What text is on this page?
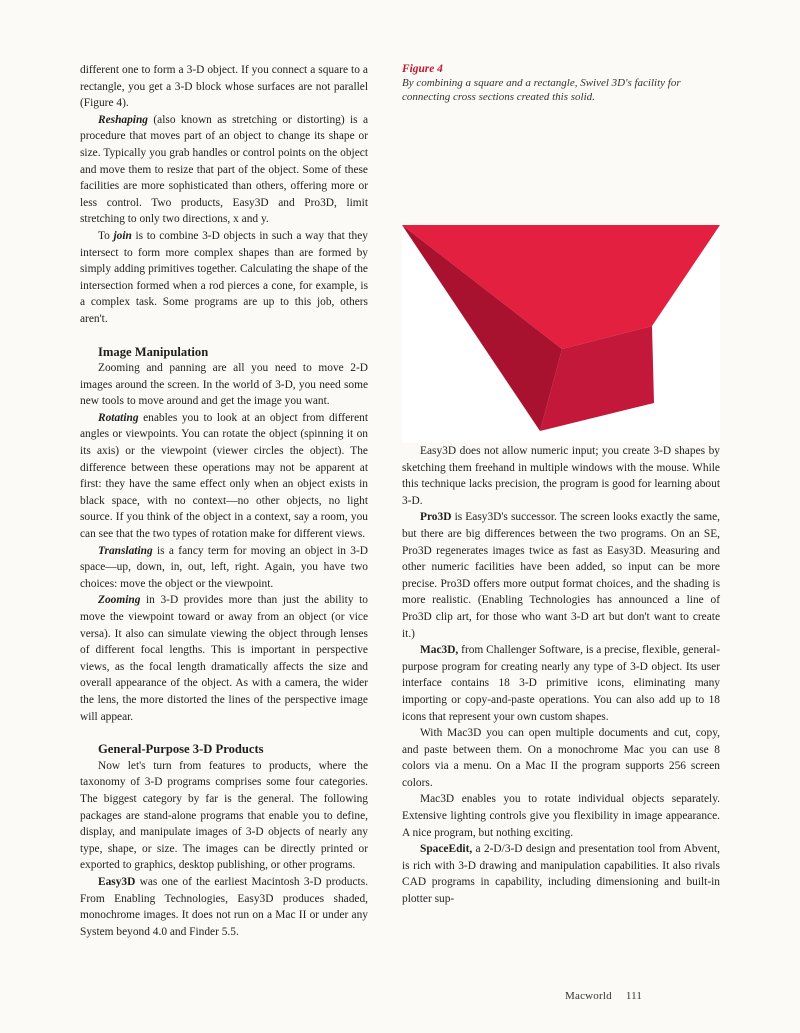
different one to form a 3-D object. If you connect a square to a rectangle, you get a 3-D block whose surfaces are not parallel (Figure 4).

Reshaping (also known as stretching or distorting) is a procedure that moves part of an object to change its shape or size. Typically you grab handles or control points on the object and move them to resize that part of the object. Some of these facilities are more sophisticated than others, offering more or less control. Two products, Easy3D and Pro3D, limit stretching to only two directions, x and y.

To join is to combine 3-D objects in such a way that they intersect to form more complex shapes than are formed by simply adding primitives together. Calculating the shape of the intersection formed when a rod pierces a cone, for example, is a complex task. Some programs are up to this job, others aren't.

Image Manipulation

Zooming and panning are all you need to move 2-D images around the screen. In the world of 3-D, you need some new tools to move around and get the image you want.

Rotating enables you to look at an object from different angles or viewpoints. You can rotate the object (spinning it on its axis) or the viewpoint (viewer circles the object). The difference between these operations may not be apparent at first: they have the same effect only when an object exists in black space, with no context—no other objects, no light source. If you think of the object in a context, say a room, you can see that the two types of rotation make for different views.

Translating is a fancy term for moving an object in 3-D space—up, down, in, out, left, right. Again, you have two choices: move the object or the viewpoint.

Zooming in 3-D provides more than just the ability to move the viewpoint toward or away from an object (or vice versa). It also can simulate viewing the object through lenses of different focal lengths. This is important in perspective views, as the focal length dramatically affects the size and overall appearance of the object. As with a camera, the wider the lens, the more distorted the lines of the perspective image will appear.

General-Purpose 3-D Products

Now let's turn from features to products, where the taxonomy of 3-D programs comprises some four categories. The biggest category by far is the general. The following packages are stand-alone programs that enable you to define, display, and manipulate images of 3-D objects of nearly any type, shape, or size. The images can be directly printed or exported to graphics, desktop publishing, or other programs.

Easy3D was one of the earliest Macintosh 3-D products. From Enabling Technologies, Easy3D produces shaded, monochrome images. It does not run on a Mac II or under any System beyond 4.0 and Finder 5.5.

Figure 4
By combining a square and a rectangle, Swivel 3D's facility for connecting cross sections created this solid.

Easy3D does not allow numeric input; you create 3-D shapes by sketching them freehand in multiple windows with the mouse. While this technique lacks precision, the program is good for learning about 3-D.

Pro3D is Easy3D's successor. The screen looks exactly the same, but there are big differences between the two programs. On an SE, Pro3D regenerates images twice as fast as Easy3D. Measuring and other numeric facilities have been added, so input can be more precise. Pro3D offers more output format choices, and the shading is more realistic. (Enabling Technologies has announced a line of Pro3D clip art, for those who want 3-D art but don't want to create it.)

Mac3D, from Challenger Software, is a precise, flexible, general-purpose program for creating nearly any type of 3-D object. Its user interface contains 18 3-D primitive icons, eliminating many importing or copy-and-paste operations. You can also add up to 18 icons that represent your own custom shapes.

With Mac3D you can open multiple documents and cut, copy, and paste between them. On a monochrome Mac you can use 8 colors via a menu. On a Mac II the program supports 256 screen colors.

Mac3D enables you to rotate individual objects separately. Extensive lighting controls give you flexibility in image appearance. A nice program, but nothing exciting.

SpaceEdit, a 2-D/3-D design and presentation tool from Abvent, is rich with 3-D drawing and manipulation capabilities. It also rivals CAD programs in capability, including dimensioning and built-in plotter sup-

Macworld 111
